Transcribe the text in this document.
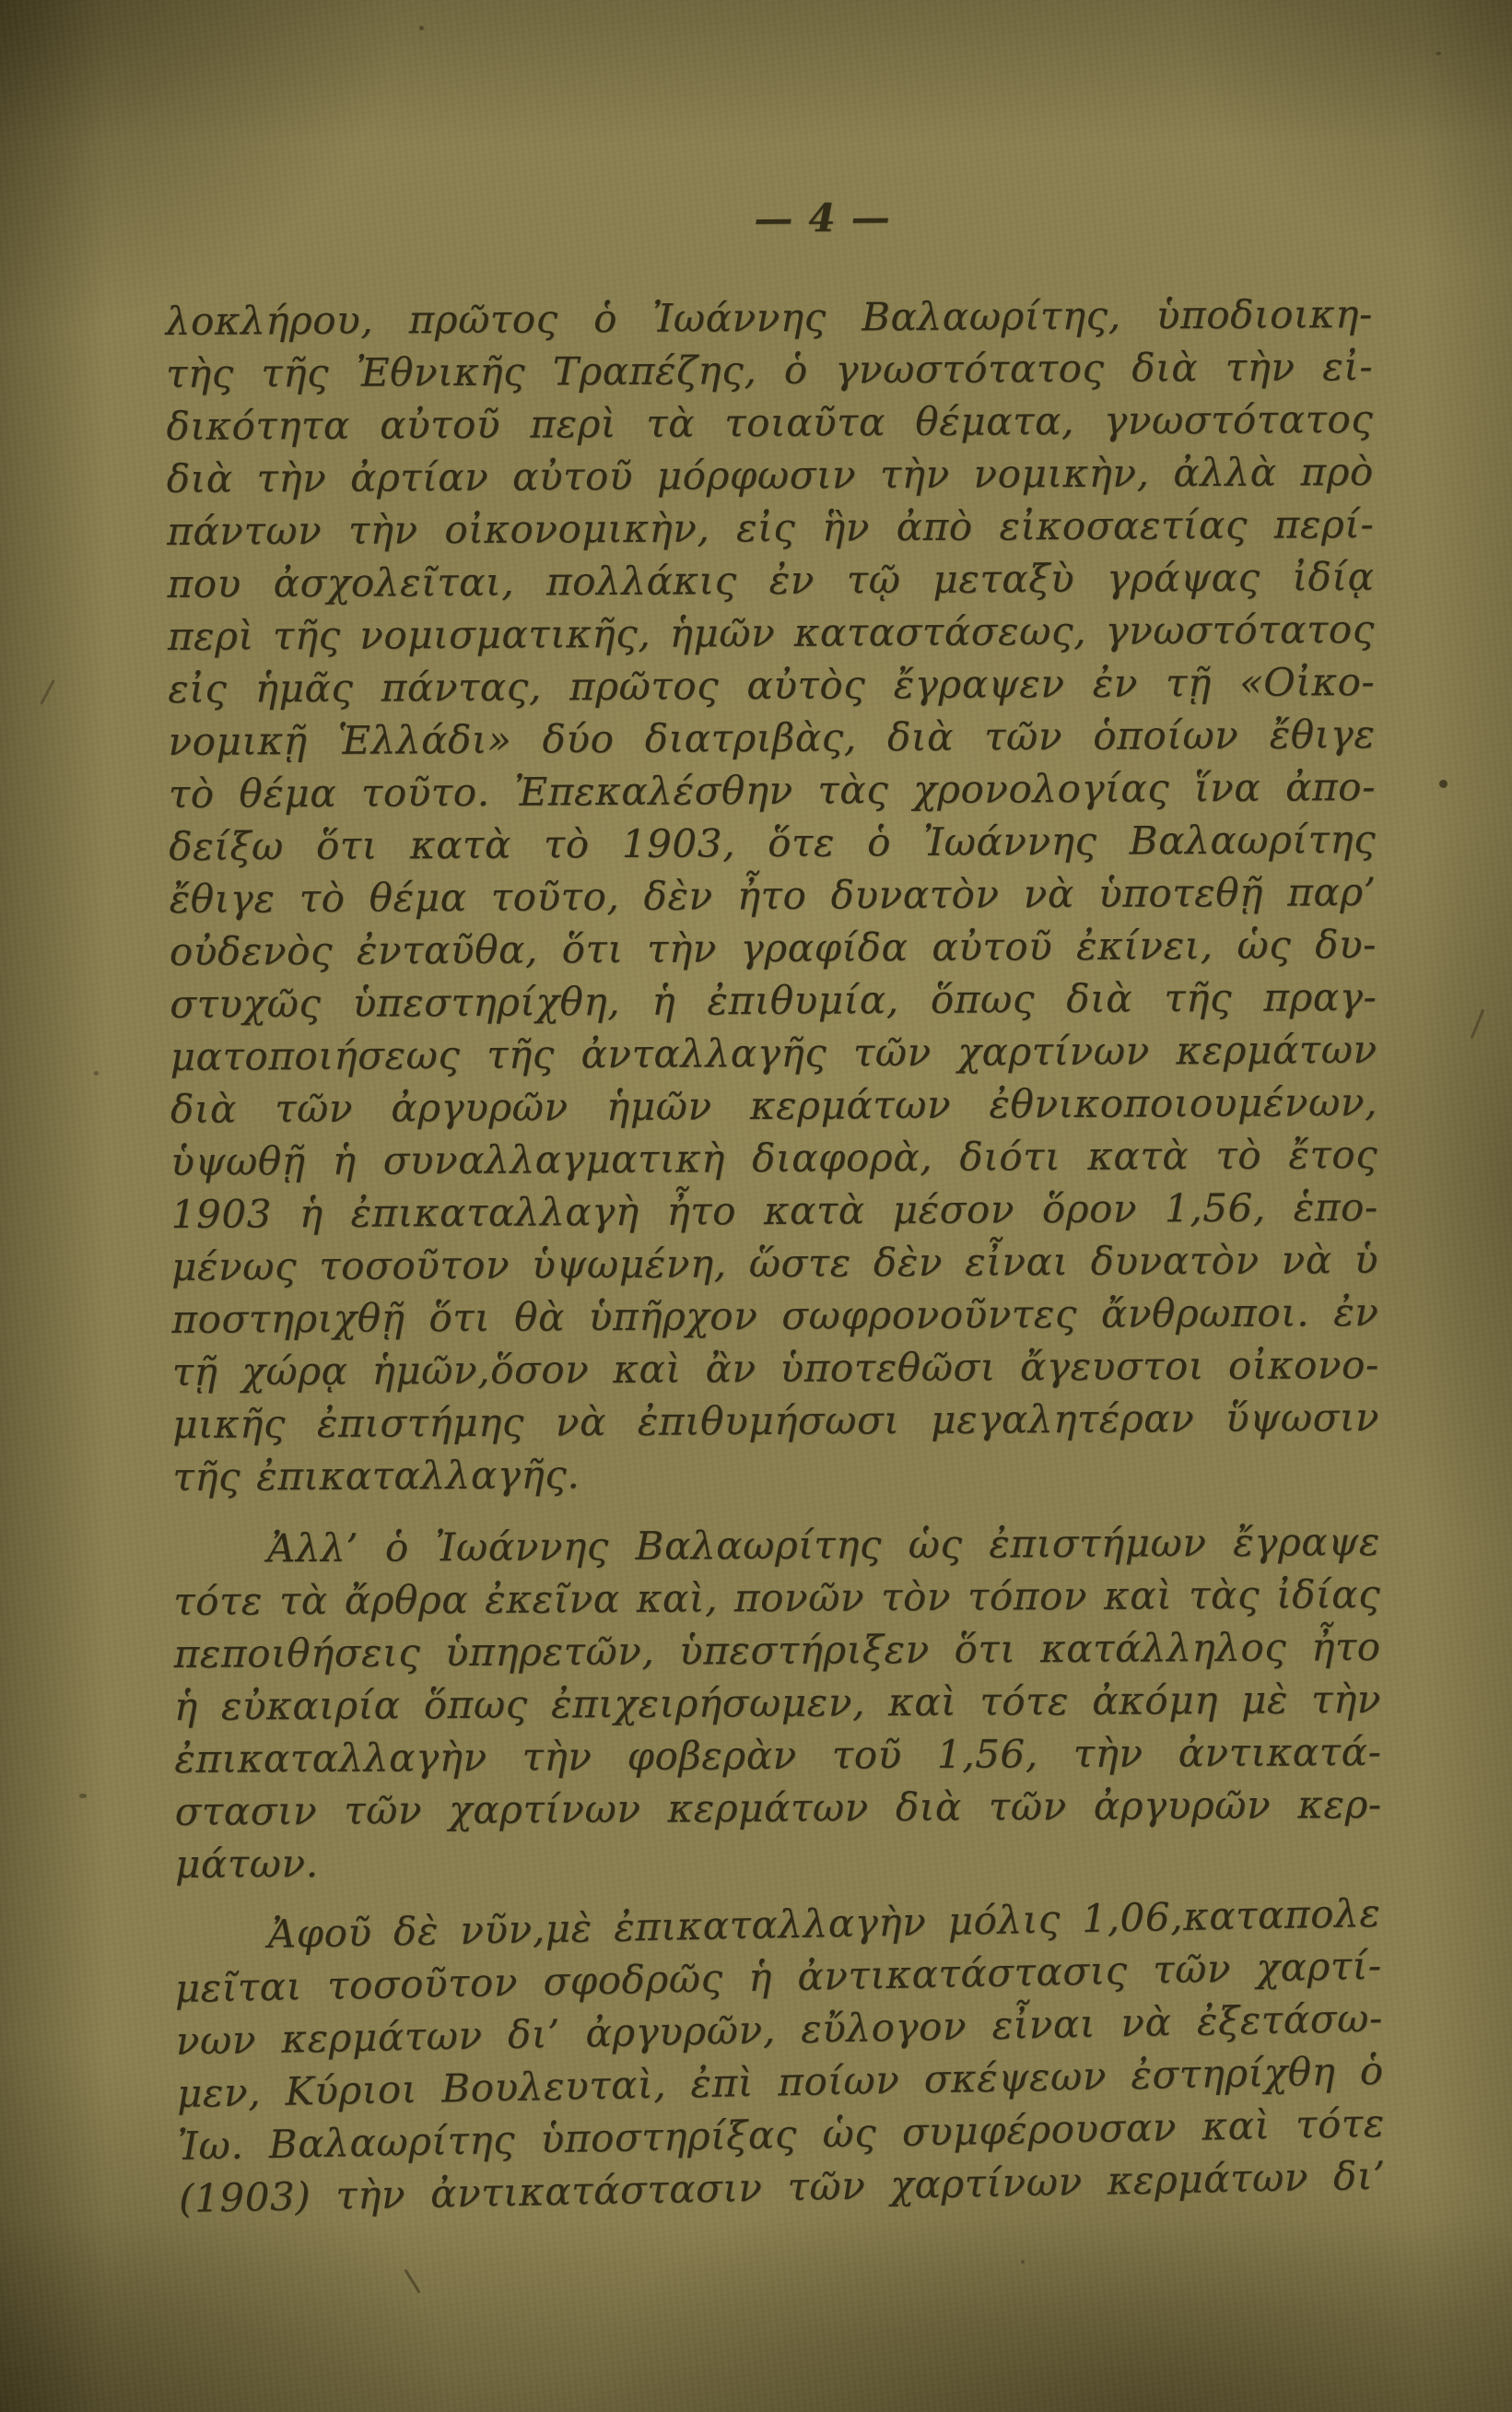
— 4 —
λοκλήρου, πρῶτος ὁ Ἰωάννης Βαλαωρίτης, ὑποδιοικη-
τὴς τῆς Ἐθνικῆς Τραπέζης, ὁ γνωστότατος διὰ τὴν εἰ-
δικότητα αὐτοῦ περὶ τὰ τοιαῦτα θέματα, γνωστότατος
διὰ τὴν ἀρτίαν αὐτοῦ μόρφωσιν τὴν νομικὴν, ἀλλὰ πρὸ
πάντων τὴν οἰκονομικὴν, εἰς ἣν ἀπὸ εἰκοσαετίας περί-
που ἀσχολεῖται, πολλάκις ἐν τῷ μεταξὺ γράψας ἰδίᾳ
περὶ τῆς νομισματικῆς, ἡμῶν καταστάσεως, γνωστότατος
εἰς ἡμᾶς πάντας, πρῶτος αὐτὸς ἔγραψεν ἐν τῇ «Οἰκο-
νομικῇ Ἑλλάδι» δύο διατριβὰς, διὰ τῶν ὁποίων ἔθιγε
τὸ θέμα τοῦτο. Ἐπεκαλέσθην τὰς χρονολογίας ἵνα ἀπο-
δείξω ὅτι κατὰ τὸ 1903, ὅτε ὁ Ἰωάννης Βαλαωρίτης
ἔθιγε τὸ θέμα τοῦτο, δὲν ἦτο δυνατὸν νὰ ὑποτεθῇ παρ’
οὐδενὸς ἐνταῦθα, ὅτι τὴν γραφίδα αὐτοῦ ἐκίνει, ὡς δυ-
στυχῶς ὑπεστηρίχθη, ἡ ἐπιθυμία, ὅπως διὰ τῆς πραγ-
ματοποιήσεως τῆς ἀνταλλαγῆς τῶν χαρτίνων κερμάτων
διὰ τῶν ἀργυρῶν ἡμῶν κερμάτων ἐθνικοποιουμένων,
ὑψωθῇ ἡ συναλλαγματικὴ διαφορὰ, διότι κατὰ τὸ ἔτος
1903 ἡ ἐπικαταλλαγὴ ἦτο κατὰ μέσον ὅρον 1,56, ἑπο-
μένως τοσοῦτον ὑψωμένη, ὥστε δὲν εἶναι δυνατὸν νὰ ὑ
ποστηριχθῇ ὅτι θὰ ὑπῆρχον σωφρονοῦντες ἄνθρωποι. ἐν
τῇ χώρᾳ ἡμῶν,ὅσον καὶ ἂν ὑποτεθῶσι ἄγευστοι οἰκονο-
μικῆς ἐπιστήμης νὰ ἐπιθυμήσωσι μεγαλητέραν ὕψωσιν
τῆς ἐπικαταλλαγῆς.
Ἀλλ’ ὁ Ἰωάννης Βαλαωρίτης ὡς ἐπιστήμων ἔγραψε
τότε τὰ ἄρθρα ἐκεῖνα καὶ, πονῶν τὸν τόπον καὶ τὰς ἰδίας
πεποιθήσεις ὑπηρετῶν, ὑπεστήριξεν ὅτι κατάλληλος ἦτο
ἡ εὐκαιρία ὅπως ἐπιχειρήσωμεν, καὶ τότε ἀκόμη μὲ τὴν
ἐπικαταλλαγὴν τὴν φοβερὰν τοῦ 1,56, τὴν ἀντικατά-
στασιν τῶν χαρτίνων κερμάτων διὰ τῶν ἀργυρῶν κερ-
μάτων.
Ἀφοῦ δὲ νῦν,μὲ ἐπικαταλλαγὴν μόλις 1,06,καταπολε
μεῖται τοσοῦτον σφοδρῶς ἡ ἀντικατάστασις τῶν χαρτί-
νων κερμάτων δι’ ἀργυρῶν, εὔλογον εἶναι νὰ ἐξετάσω-
μεν, Κύριοι Βουλευταὶ, ἐπὶ ποίων σκέψεων ἐστηρίχθη ὁ
Ἰω. Βαλαωρίτης ὑποστηρίξας ὡς συμφέρουσαν καὶ τότε
(1903) τὴν ἀντικατάστασιν τῶν χαρτίνων κερμάτων δι’
